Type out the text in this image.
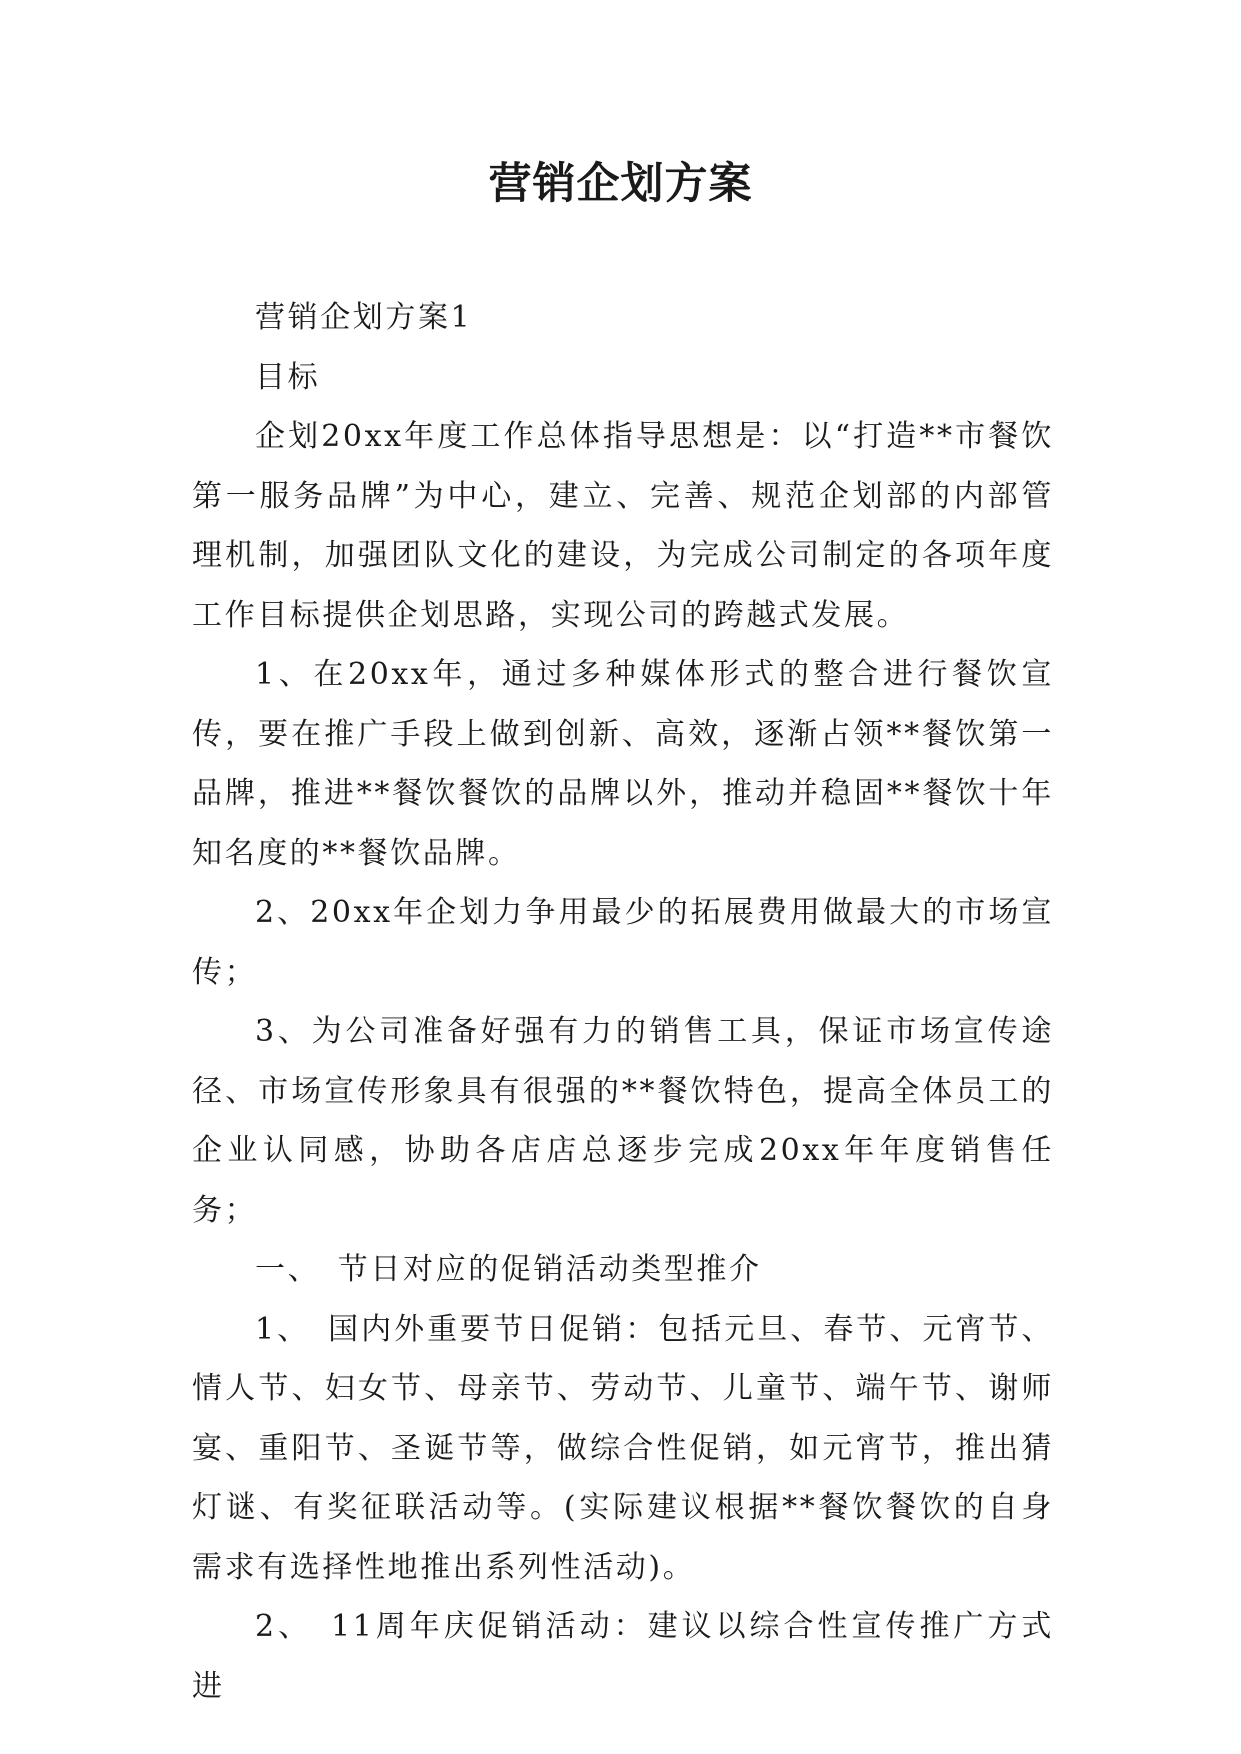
营销企划方案

营销企划方案1

目标

企划20xx年度工作总体指导思想是：以“打造**市餐饮第一服务品牌”为中心，建立、完善、规范企划部的内部管理机制，加强团队文化的建设，为完成公司制定的各项年度工作目标提供企划思路，实现公司的跨越式发展。

1、在20xx年，通过多种媒体形式的整合进行餐饮宣传，要在推广手段上做到创新、高效，逐渐占领**餐饮第一品牌，推进**餐饮餐饮的品牌以外，推动并稳固**餐饮十年知名度的**餐饮品牌。

2、20xx年企划力争用最少的拓展费用做最大的市场宣传；

3、为公司准备好强有力的销售工具，保证市场宣传途径、市场宣传形象具有很强的**餐饮特色，提高全体员工的企业认同感，协助各店店总逐步完成20xx年年度销售任务；

一、　节日对应的促销活动类型推介

1、　国内外重要节日促销：包括元旦、春节、元宵节、情人节、妇女节、母亲节、劳动节、儿童节、端午节、谢师宴、重阳节、圣诞节等，做综合性促销，如元宵节，推出猜灯谜、有奖征联活动等。(实际建议根据**餐饮餐饮的自身需求有选择性地推出系列性活动)。

2、　11周年庆促销活动：建议以综合性宣传推广方式进
